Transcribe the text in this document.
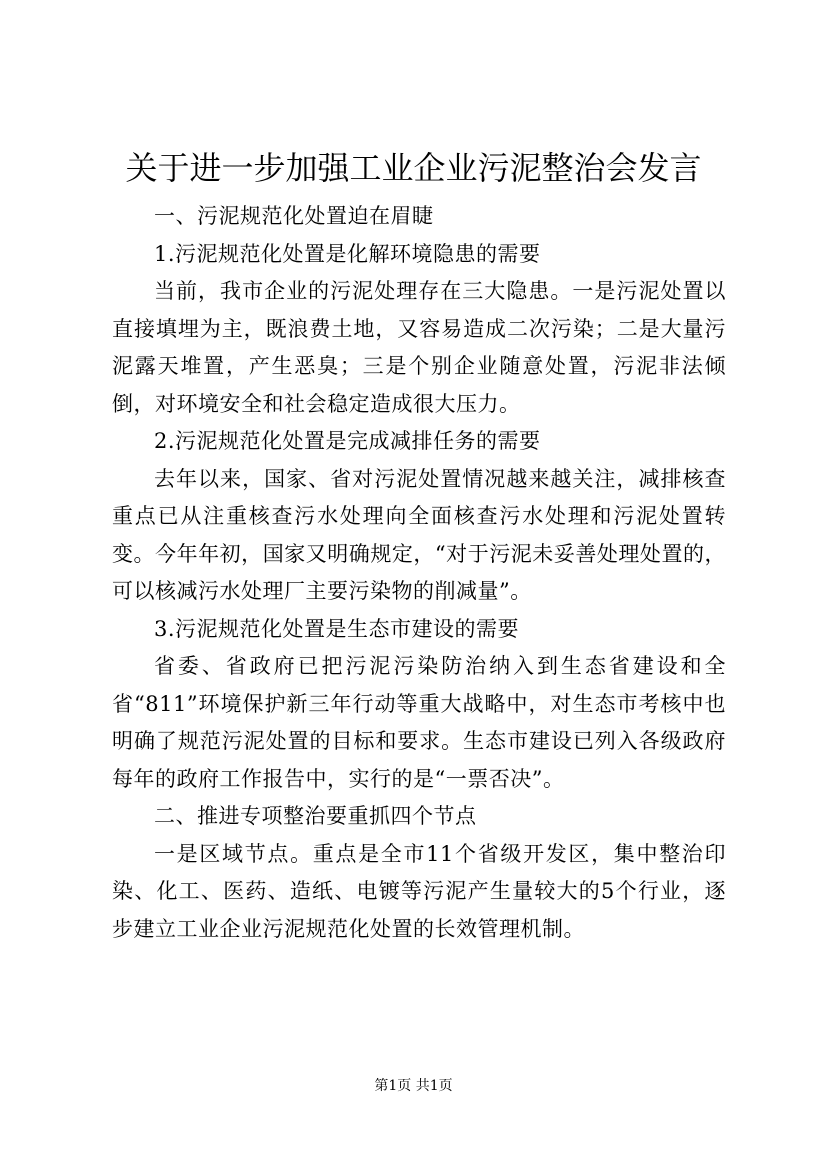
关于进一步加强工业企业污泥整治会发言

一、污泥规范化处置迫在眉睫

1.污泥规范化处置是化解环境隐患的需要

当前，我市企业的污泥处理存在三大隐患。一是污泥处置以直接填埋为主，既浪费土地，又容易造成二次污染；二是大量污泥露天堆置，产生恶臭；三是个别企业随意处置，污泥非法倾倒，对环境安全和社会稳定造成很大压力。

2.污泥规范化处置是完成减排任务的需要

去年以来，国家、省对污泥处置情况越来越关注，减排核查重点已从注重核查污水处理向全面核查污水处理和污泥处置转变。今年年初，国家又明确规定，“对于污泥未妥善处理处置的，可以核减污水处理厂主要污染物的削减量”。

3.污泥规范化处置是生态市建设的需要

省委、省政府已把污泥污染防治纳入到生态省建设和全省“811”环境保护新三年行动等重大战略中，对生态市考核中也明确了规范污泥处置的目标和要求。生态市建设已列入各级政府每年的政府工作报告中，实行的是“一票否决”。

二、推进专项整治要重抓四个节点

一是区域节点。重点是全市11个省级开发区，集中整治印染、化工、医药、造纸、电镀等污泥产生量较大的5个行业，逐步建立工业企业污泥规范化处置的长效管理机制。

第1页 共1页
